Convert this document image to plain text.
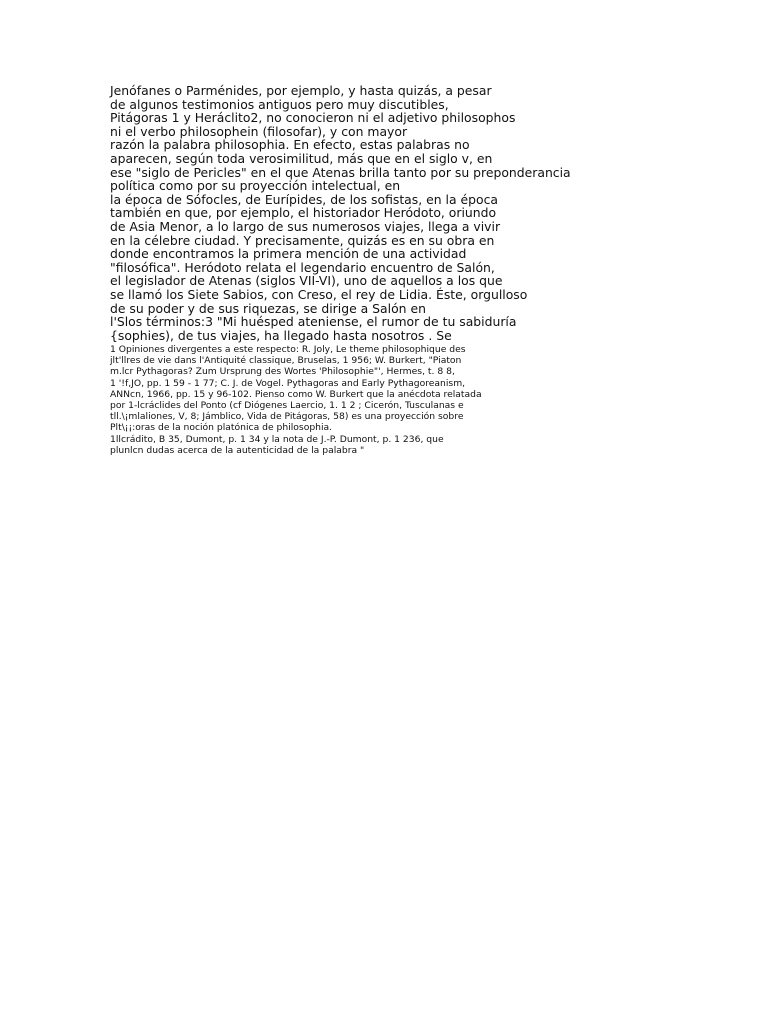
Jenófanes o Parménides, por ejemplo, y hasta quizás, a pesar
de algunos testimonios antiguos pero muy discutibles,
Pitágoras 1 y Heráclito2, no conocieron ni el adjetivo philosophos
ni el verbo philosophein (filosofar), y con mayor
razón la palabra philosophia. En efecto, estas palabras no
aparecen, según toda verosimilitud, más que en el siglo v, en
ese "siglo de Pericles" en el que Atenas brilla tanto por su preponderancia
política como por su proyección intelectual, en
la época de Sófocles, de Eurípides, de los sofistas, en la época
también en que, por ejemplo, el historiador Heródoto, oriundo
de Asia Menor, a lo largo de sus numerosos viajes, llega a vivir
en la célebre ciudad. Y precisamente, quizás es en su obra en
donde encontramos la primera mención de una actividad
"filosófica". Heródoto relata el legendario encuentro de Salón,
el legislador de Atenas (siglos VII-VI), uno de aquellos a los que
se llamó los Siete Sabios, con Creso, el rey de Lidia. Éste, orgulloso
de su poder y de sus riquezas, se dirige a Salón en
l'Slos términos:3 "Mi huésped ateniense, el rumor de tu sabiduría
{sophies), de tus viajes, ha llegado hasta nosotros . Se
1 Opiniones divergentes a este respecto: R. Joly, Le theme philosophique des
jlt'llres de vie dans l'Antiquité classique, Bruselas, 1 956; W. Burkert, "Piaton
m.lcr Pythagoras? Zum Ursprung des Wortes 'Philosophie"', Hermes, t. 8 8,
1 '!f,JO, pp. 1 59 - 1 77; C. J. de Vogel. Pythagoras and Early Pythagoreanism,
ANNcn, 1966, pp. 15 y 96-102. Pienso como W. Burkert que la anécdota relatada
por 1-lcráclides del Ponto (cf Diógenes Laercio, 1. 1 2 ; Cicerón, Tusculanas e
tll.\¡mlaliones, V, 8; Jámblico, Vida de Pitágoras, 58) es una proyección sobre
Plt\¡¡:oras de la noción platónica de philosophia.
1llcrádito, B 35, Dumont, p. 1 34 y la nota de J.-P. Dumont, p. 1 236, que
plunlcn dudas acerca de la autenticidad de la palabra "
